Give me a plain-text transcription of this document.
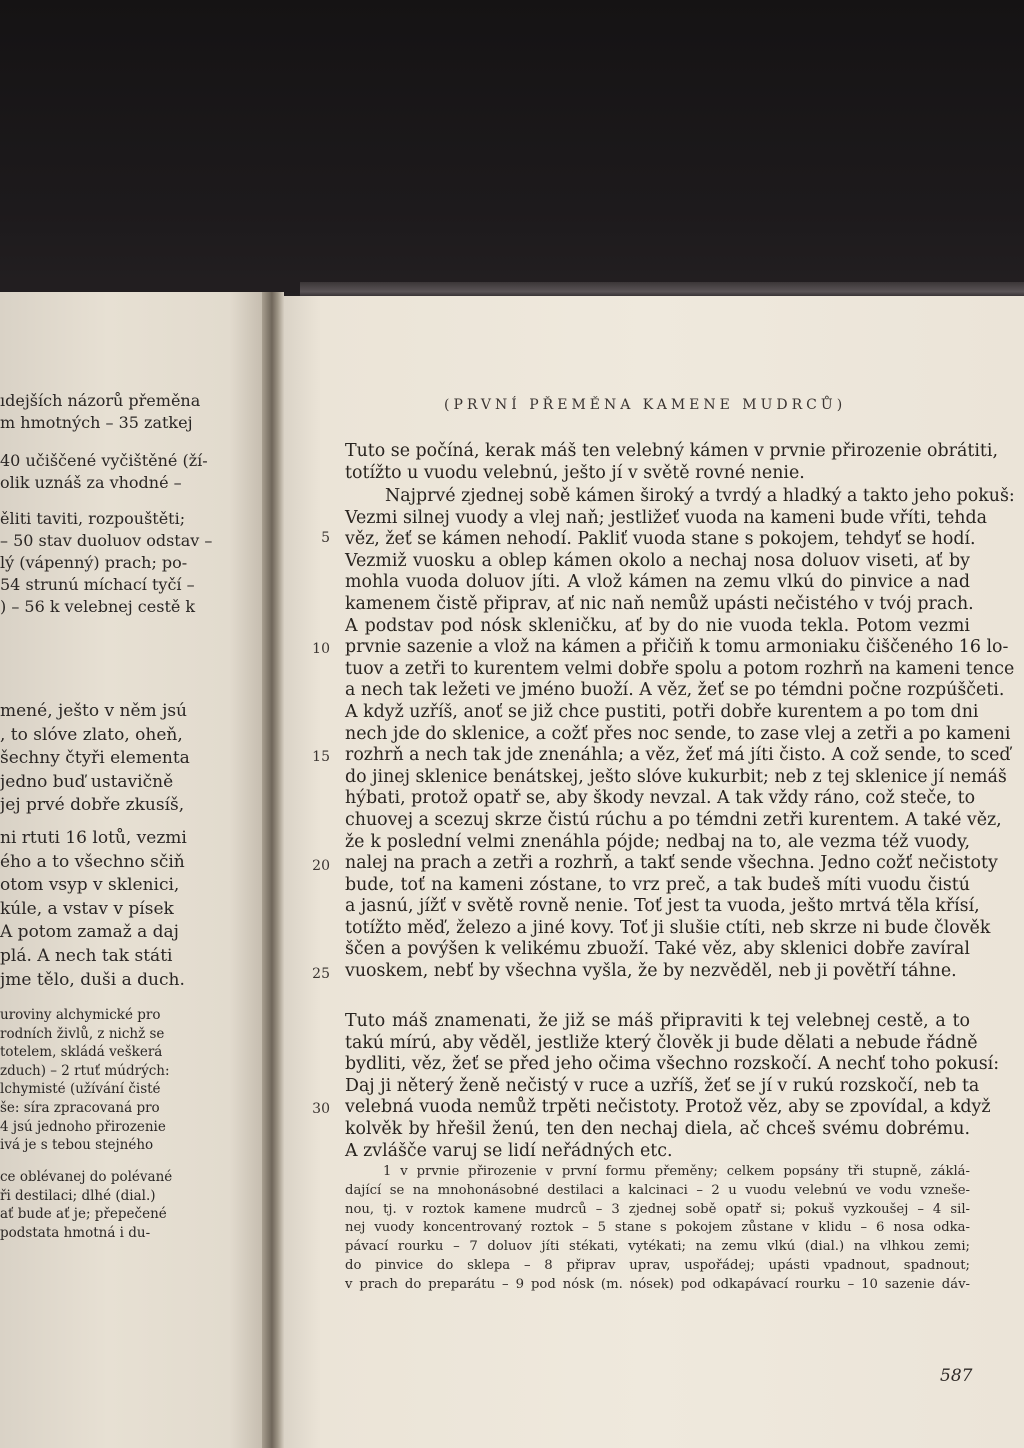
ıdejších názorů přeměna
m hmotných – 35 zatkej
40 učiščené vyčištěné (ží-
olik uznáš za vhodné –
ěliti taviti, rozpouštěti;
– 50 stav duoluov odstav –
lý (vápenný) prach; po-
54 strunú míchací tyčí –
) – 56 k velebnej cestě k
mené, ješto v něm jsú
, to slóve zlato, oheň,
šechny čtyři elementa
jedno buď ustavičně
jej prvé dobře zkusíš,
ni rtuti 16 lotů, vezmi
ého a to všechno sčiň
otom vsyp v sklenici,
kúle, a vstav v písek
A potom zamaž a daj
plá. A nech tak státi
jme tělo, duši a duch.
uroviny alchymické pro
rodních živlů, z nichž se
totelem, skládá veškerá
zduch) – 2 rtuť múdrých:
lchymisté (užívání čisté
še: síra zpracovaná pro
4 jsú jednoho přirozenie
ivá je s tebou stejného
ce oblévanej do polévané
ři destilaci; dlhé (dial.)
ať bude ať je; přepečené
podstata hmotná i du-
(PRVNÍ PŘEMĚNA KAMENE MUDRCŮ)
Tuto se počíná, kerak máš ten velebný kámen v prvnie přirozenie obrátiti,
totížto u vuodu velebnú, ješto jí v světě rovné nenie.
Najprvé zjednej sobě kámen široký a tvrdý a hladký a takto jeho pokuš:
Vezmi silnej vuody a vlej naň; jestližeť vuoda na kameni bude vříti, tehda
věz, žeť se kámen nehodí. Pakliť vuoda stane s pokojem, tehdyť se hodí.
Vezmiž vuosku a oblep kámen okolo a nechaj nosa doluov viseti, ať by
mohla vuoda doluov jíti. A vlož kámen na zemu vlkú do pinvice a nad
kamenem čistě připrav, ať nic naň nemůž upásti nečistého v tvój prach.
A podstav pod nósk skleničku, ať by do nie vuoda tekla. Potom vezmi
prvnie sazenie a vlož na kámen a přičiň k tomu armoniaku čiščeného 16 lo-
tuov a zetři to kurentem velmi dobře spolu a potom rozhrň na kameni tence
a nech tak ležeti ve jméno buoží. A věz, žeť se po témdni počne rozpúščeti.
A když uzříš, anoť se již chce pustiti, potři dobře kurentem a po tom dni
nech jde do sklenice, a cožť přes noc sende, to zase vlej a zetři a po kameni
rozhrň a nech tak jde znenáhla; a věz, žeť má jíti čisto. A což sende, to sceď
do jinej sklenice benátskej, ješto slóve kukurbit; neb z tej sklenice jí nemáš
hýbati, protož opatř se, aby škody nevzal. A tak vždy ráno, což steče, to
chuovej a scezuj skrze čistú rúchu a po témdni zetři kurentem. A také věz,
že k poslední velmi znenáhla pójde; nedbaj na to, ale vezma též vuody,
nalej na prach a zetři a rozhrň, a takť sende všechna. Jedno cožť nečistoty
bude, toť na kameni zóstane, to vrz preč, a tak budeš míti vuodu čistú
a jasnú, jížť v světě rovně nenie. Toť jest ta vuoda, ješto mrtvá těla křísí,
totížto měď, železo a jiné kovy. Toť ji slušie ctíti, neb skrze ni bude člověk
ščen a povýšen k velikému zbuoží. Také věz, aby sklenici dobře zavíral
vuoskem, nebť by všechna vyšla, že by nezvěděl, neb ji povětří táhne.
Tuto máš znamenati, že již se máš připraviti k tej velebnej cestě, a to
takú mírú, aby věděl, jestliže který člověk ji bude dělati a nebude řádně
bydliti, věz, žeť se před jeho očima všechno rozskočí. A nechť toho pokusí:
Daj ji něterý ženě nečistý v ruce a uzříš, žeť se jí v rukú rozskočí, neb ta
velebná vuoda nemůž trpěti nečistoty. Protož věz, aby se zpovídal, a když
kolvěk by hřešil ženú, ten den nechaj diela, ač chceš svému dobrému.
A zvlášče varuj se lidí neřádných etc.
5
10
15
20
25
30
1 v prvnie přirozenie v první formu přeměny; celkem popsány tři stupně, záklá-
dající se na mnohonásobné destilaci a kalcinaci – 2 u vuodu velebnú ve vodu vznešе-
nou, tj. v roztok kamene mudrců – 3 zjednej sobě opatř si; pokuš vyzkoušej – 4 sil-
nej vuody koncentrovaný roztok – 5 stane s pokojem zůstane v klidu – 6 nosa odka-
pávací rourku – 7 doluov jíti stékati, vytékati; na zemu vlkú (dial.) na vlhkou zemi;
do pinvice do sklepa – 8 připrav uprav, uspořádej; upásti vpadnout, spadnout;
v prach do preparátu – 9 pod nósk (m. nósek) pod odkapávací rourku – 10 sazenie dáv-
587
